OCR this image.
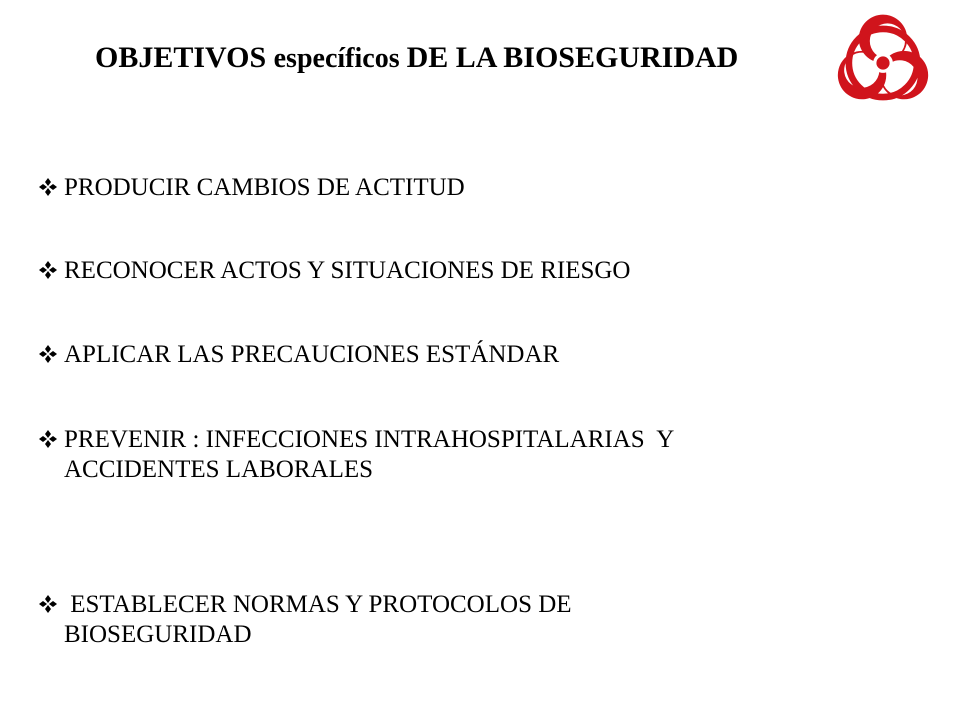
OBJETIVOS específicos DE LA BIOSEGURIDAD
PRODUCIR CAMBIOS DE ACTITUD
RECONOCER ACTOS Y SITUACIONES DE RIESGO
APLICAR LAS PRECAUCIONES ESTÁNDAR
PREVENIR : INFECCIONES INTRAHOSPITALARIAS  Y
ACCIDENTES LABORALES
ESTABLECER NORMAS Y PROTOCOLOS DE
BIOSEGURIDAD
